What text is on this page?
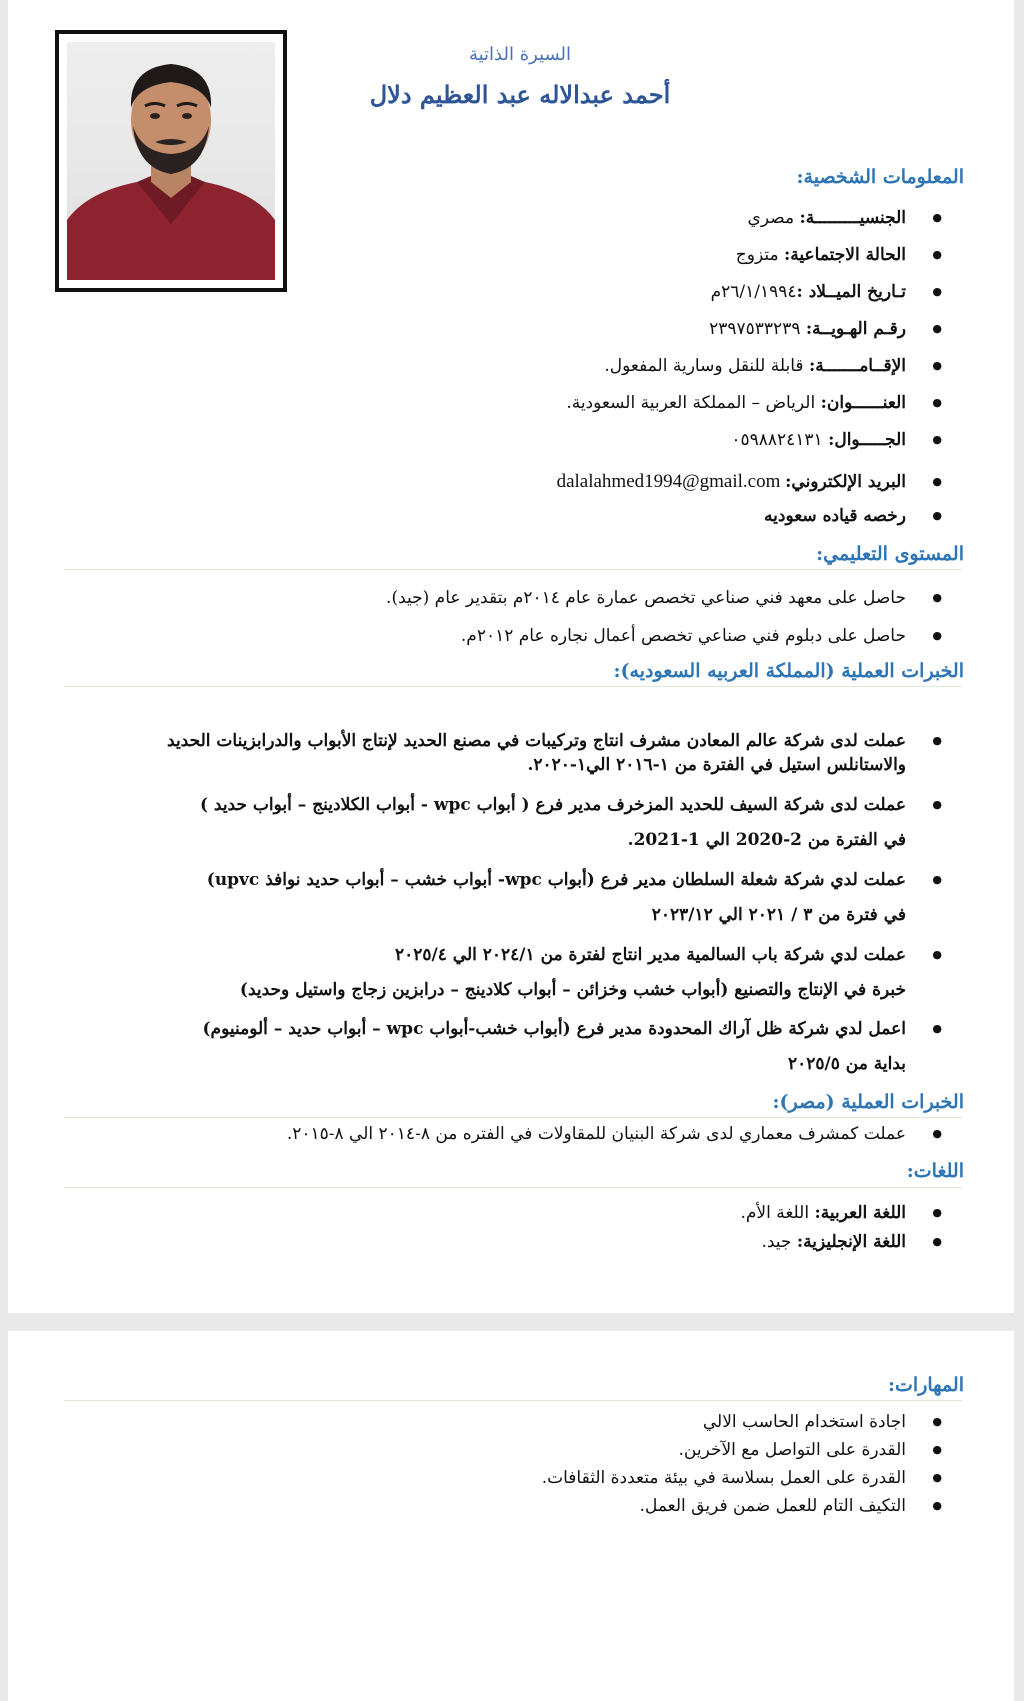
السيرة الذاتية
أحمد عبدالاله عبد العظيم دلال
المعلومات الشخصية:
● الجنسيـــــــــة: مصري
● الحالة الاجتماعية: متزوج
● تـاريخ الميــلاد :٢٦/١/١٩٩٤م
● رقـم الهـويــة: ٢٣٩٧٥٣٣٢٣٩
● الإقــامـــــــة: قابلة للنقل وسارية المفعول.
● العنــــــوان: الرياض – المملكة العربية السعودية.
● الجـــــوال: ٠٥٩٨٨٢٤١٣١
● البريد الإلكتروني: dalalahmed1994@gmail.com
● رخصه قياده سعوديه
المستوى التعليمي:
● حاصل على معهد فني صناعي تخصص عمارة عام ٢٠١٤م بتقدير عام (جيد).
● حاصل على دبلوم فني صناعي تخصص أعمال نجاره عام ٢٠١٢م.
الخبرات العملية (المملكة العربيه السعوديه):
● عملت لدى شركة عالم المعادن مشرف انتاج وتركيبات في مصنع الحديد لإنتاج الأبواب والدرابزينات الحديد والاستانلس استيل في الفترة من ١-٢٠١٦ الي١-٢٠٢٠.
● عملت لدى شركة السيف للحديد المزخرف مدير فرع ( أبواب wpc - أبواب الكلادينج – أبواب حديد )
في الفترة من 2-2020 الي 1-2021.
● عملت لدي شركة شعلة السلطان مدير فرع (أبواب wpc- أبواب خشب – أبواب حديد نوافذ upvc)
في فترة من ٣ / ٢٠٢١ الي ٢٠٢٣/١٢
● عملت لدي شركة باب السالمية مدير انتاج لفترة من ٢٠٢٤/١ الي ٢٠٢٥/٤
خبرة في الإنتاج والتصنيع (أبواب خشب وخزائن – أبواب كلادينج – درابزين زجاج واستيل وحديد)
● اعمل لدي شركة ظل آراك المحدودة مدير فرع (أبواب خشب-أبواب wpc – أبواب حديد – ألومنيوم)
بداية من ٢٠٢٥/٥
الخبرات العملية (مصر):
● عملت كمشرف معماري لدى شركة البنيان للمقاولات في الفتره من ٨-٢٠١٤ الي ٨-٢٠١٥.
اللغات:
● اللغة العربية: اللغة الأم.
● اللغة الإنجليزية: جيد.
المهارات:
● اجادة استخدام الحاسب الالي
● القدرة على التواصل مع الآخرين.
● القدرة على العمل بسلاسة في بيئة متعددة الثقافات.
● التكيف التام للعمل ضمن فريق العمل.
